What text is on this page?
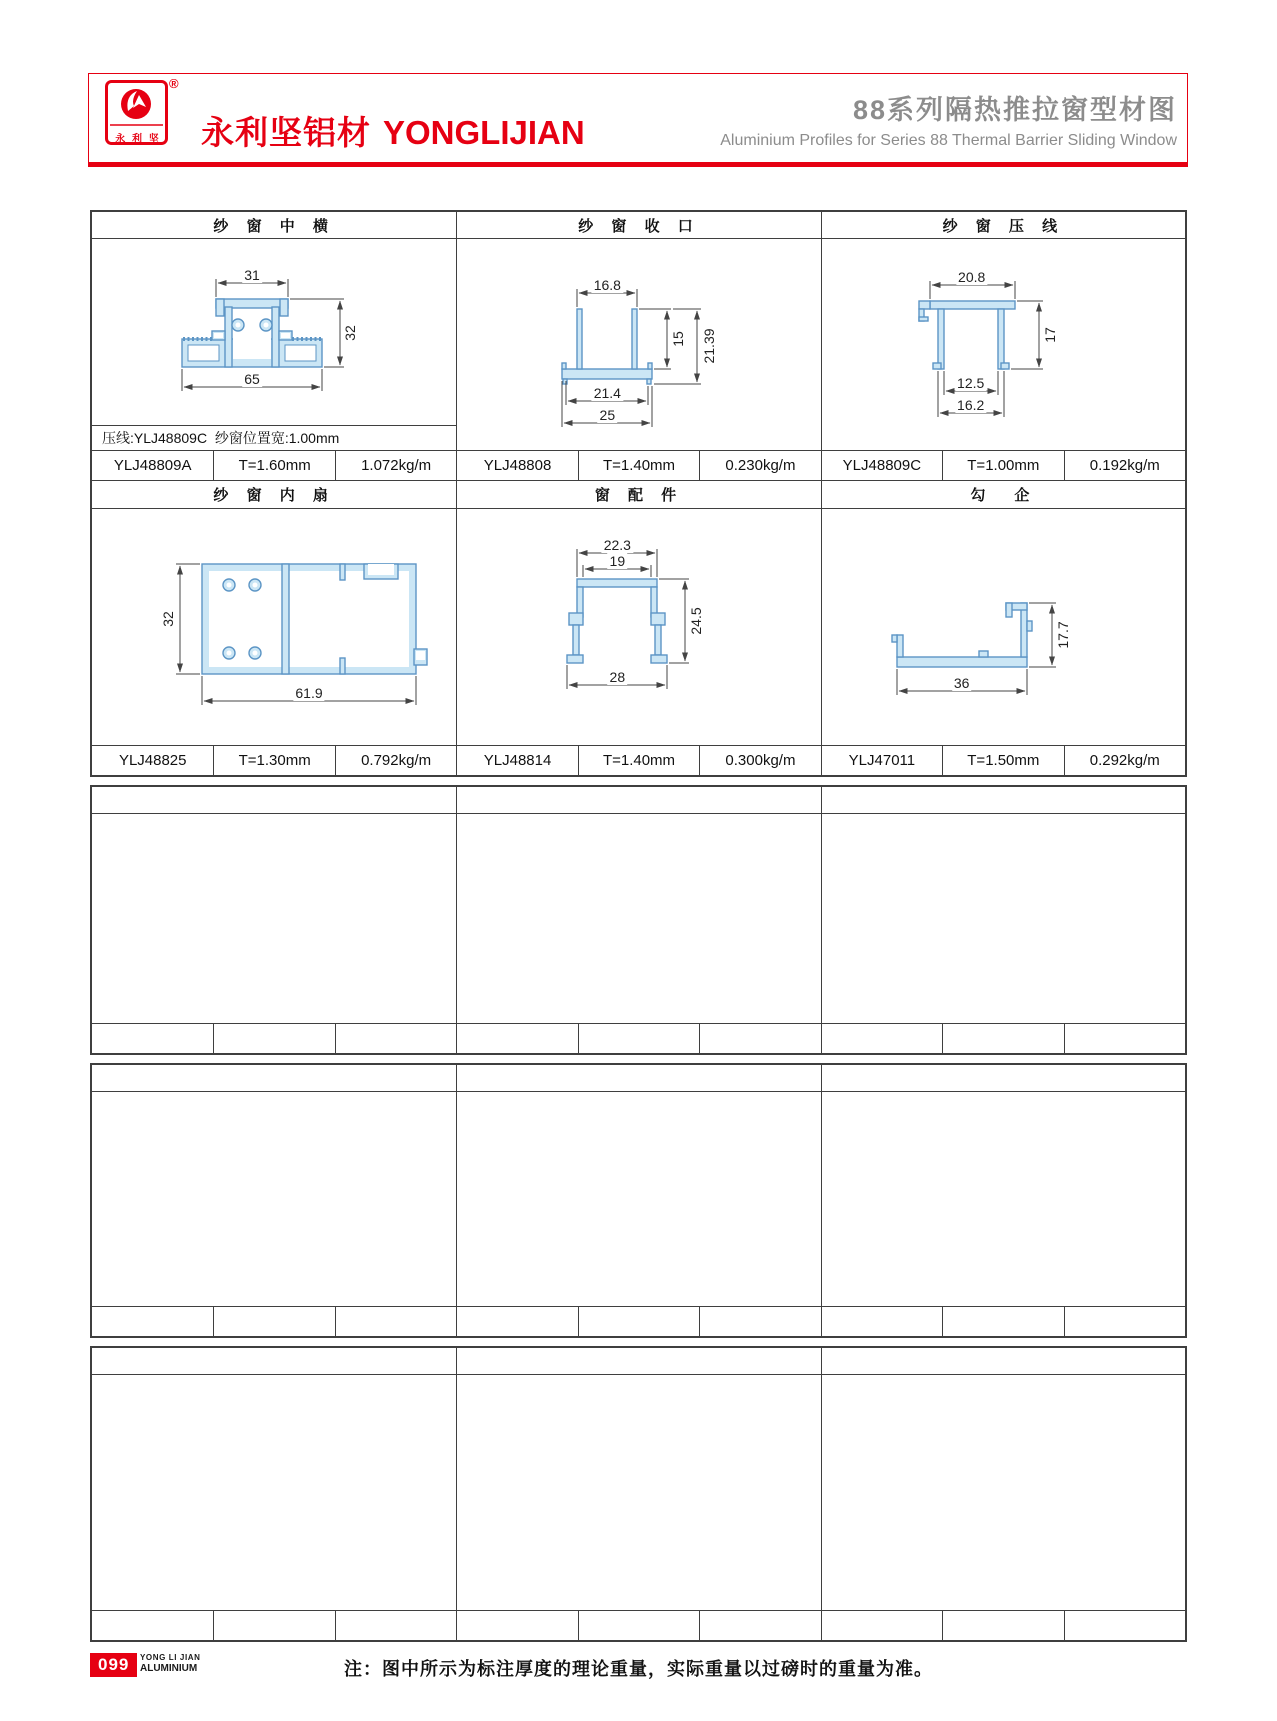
永 利 坚
®
永利坚铝材 YONGLIJIAN
88系列隔热推拉窗型材图
Aluminium Profiles for Series 88 Thermal Barrier Sliding Window
纱 窗 中 横	纱 窗 收 口	纱 窗 压 线
31
32
65
压线:YLJ48809C  纱窗位置宽:1.00mm
16.8
15 21.39
21.4
25
20.8
17
12.5
16.2
YLJ48809A	T=1.60mm	1.072kg/m	YLJ48808	T=1.40mm	0.230kg/m	YLJ48809C	T=1.00mm	0.192kg/m
纱 窗 内 扇	窗 配 件	勾　企
32
61.9
22.3
19
24.5
28
17.7
36
YLJ48825	T=1.30mm	0.792kg/m	YLJ48814	T=1.40mm	0.300kg/m	YLJ47011	T=1.50mm	0.292kg/m
099	YONG LI JIAN
ALUMINIUM	注：图中所示为标注厚度的理论重量，实际重量以过磅时的重量为准。
